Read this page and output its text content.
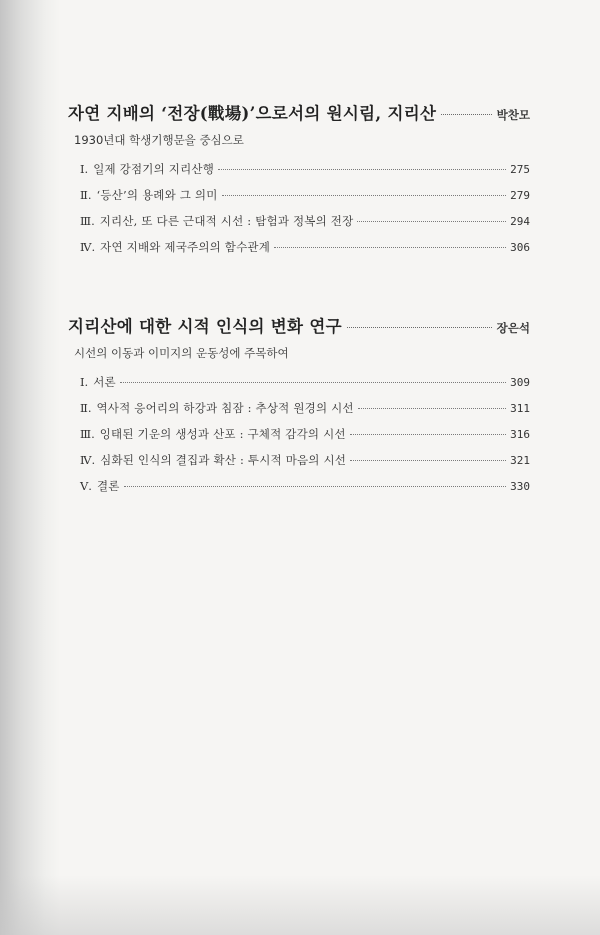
자연 지배의 ‘전장(戰場)’으로서의 원시림, 지리산	박찬모
1930년대 학생기행문을 중심으로
Ⅰ. 일제 강점기의 지리산행	275
Ⅱ. ‘등산’의 용례와 그 의미	279
Ⅲ. 지리산, 또 다른 근대적 시선 : 탐험과 정복의 전장	294
Ⅳ. 자연 지배와 제국주의의 함수관계	306
지리산에 대한 시적 인식의 변화 연구	장은석
시선의 이동과 이미지의 운동성에 주목하여
Ⅰ. 서론	309
Ⅱ. 역사적 응어리의 하강과 침잠 : 추상적 원경의 시선	311
Ⅲ. 잉태된 기운의 생성과 산포 : 구체적 감각의 시선	316
Ⅳ. 심화된 인식의 결집과 확산 : 투시적 마음의 시선	321
Ⅴ. 결론	330
